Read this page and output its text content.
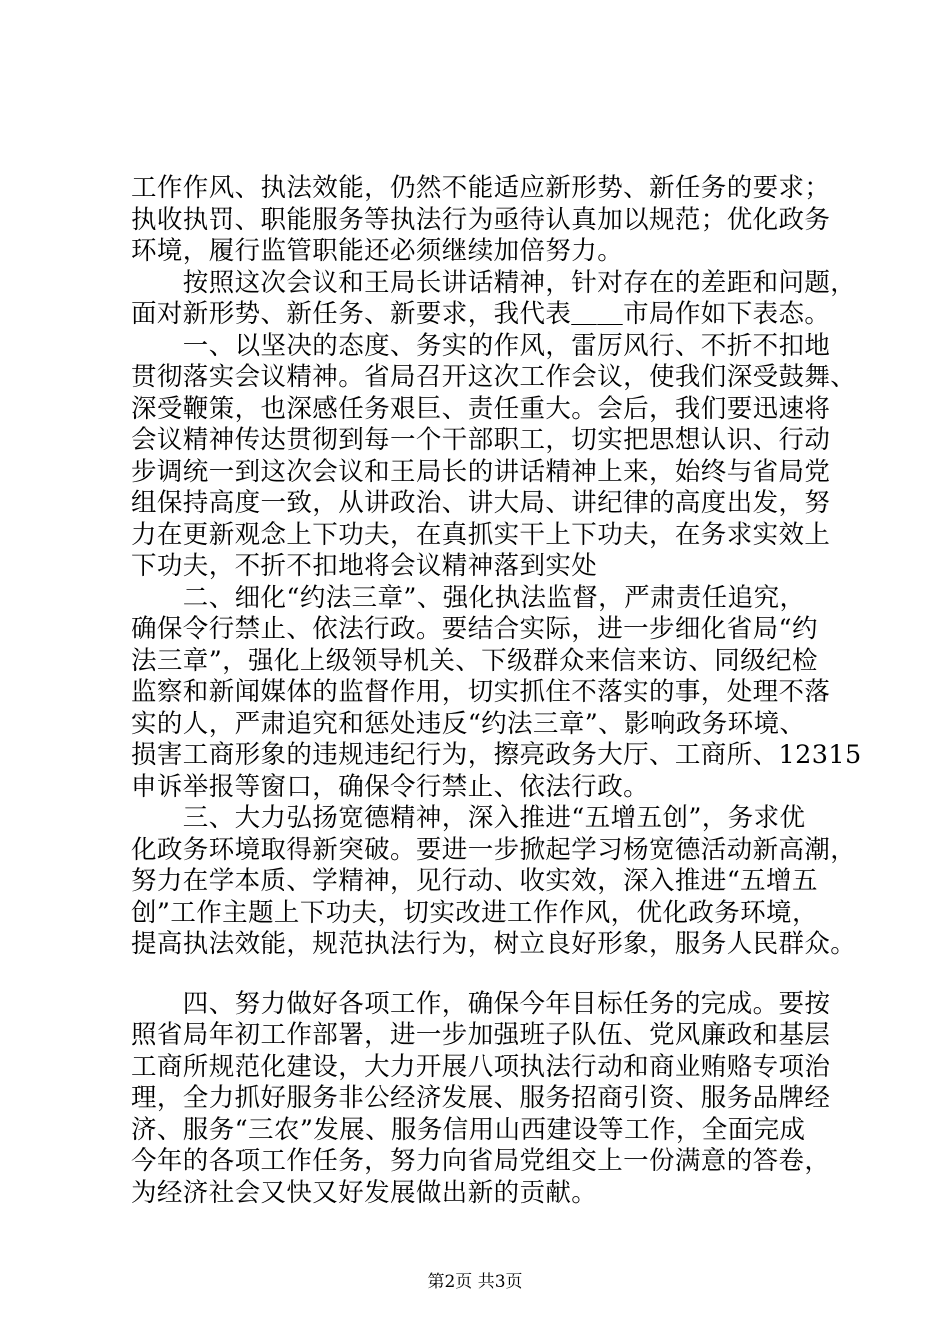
工作作风、执法效能，仍然不能适应新形势、新任务的要求；
执收执罚、职能服务等执法行为亟待认真加以规范；优化政务
环境，履行监管职能还必须继续加倍努力。
　　按照这次会议和王局长讲话精神，针对存在的差距和问题，
面对新形势、新任务、新要求，我代表＿＿市局作如下表态。
　　一、以坚决的态度、务实的作风，雷厉风行、不折不扣地
贯彻落实会议精神。省局召开这次工作会议，使我们深受鼓舞、
深受鞭策，也深感任务艰巨、责任重大。会后，我们要迅速将
会议精神传达贯彻到每一个干部职工，切实把思想认识、行动
步调统一到这次会议和王局长的讲话精神上来，始终与省局党
组保持高度一致，从讲政治、讲大局、讲纪律的高度出发，努
力在更新观念上下功夫，在真抓实干上下功夫，在务求实效上
下功夫，不折不扣地将会议精神落到实处
　　二、细化“约法三章”、强化执法监督，严肃责任追究，
确保令行禁止、依法行政。要结合实际，进一步细化省局“约
法三章”，强化上级领导机关、下级群众来信来访、同级纪检
监察和新闻媒体的监督作用，切实抓住不落实的事，处理不落
实的人，严肃追究和惩处违反“约法三章”、影响政务环境、
损害工商形象的违规违纪行为，擦亮政务大厅、工商所、12315
申诉举报等窗口，确保令行禁止、依法行政。
　　三、大力弘扬宽德精神，深入推进“五增五创”，务求优
化政务环境取得新突破。要进一步掀起学习杨宽德活动新高潮，
努力在学本质、学精神，见行动、收实效，深入推进“五增五
创”工作主题上下功夫，切实改进工作作风，优化政务环境，
提高执法效能，规范执法行为，树立良好形象，服务人民群众。
　　四、努力做好各项工作，确保今年目标任务的完成。要按
照省局年初工作部署，进一步加强班子队伍、党风廉政和基层
工商所规范化建设，大力开展八项执法行动和商业贿赂专项治
理，全力抓好服务非公经济发展、服务招商引资、服务品牌经
济、服务“三农”发展、服务信用山西建设等工作，全面完成
今年的各项工作任务，努力向省局党组交上一份满意的答卷，
为经济社会又快又好发展做出新的贡献。
第2页 共3页
